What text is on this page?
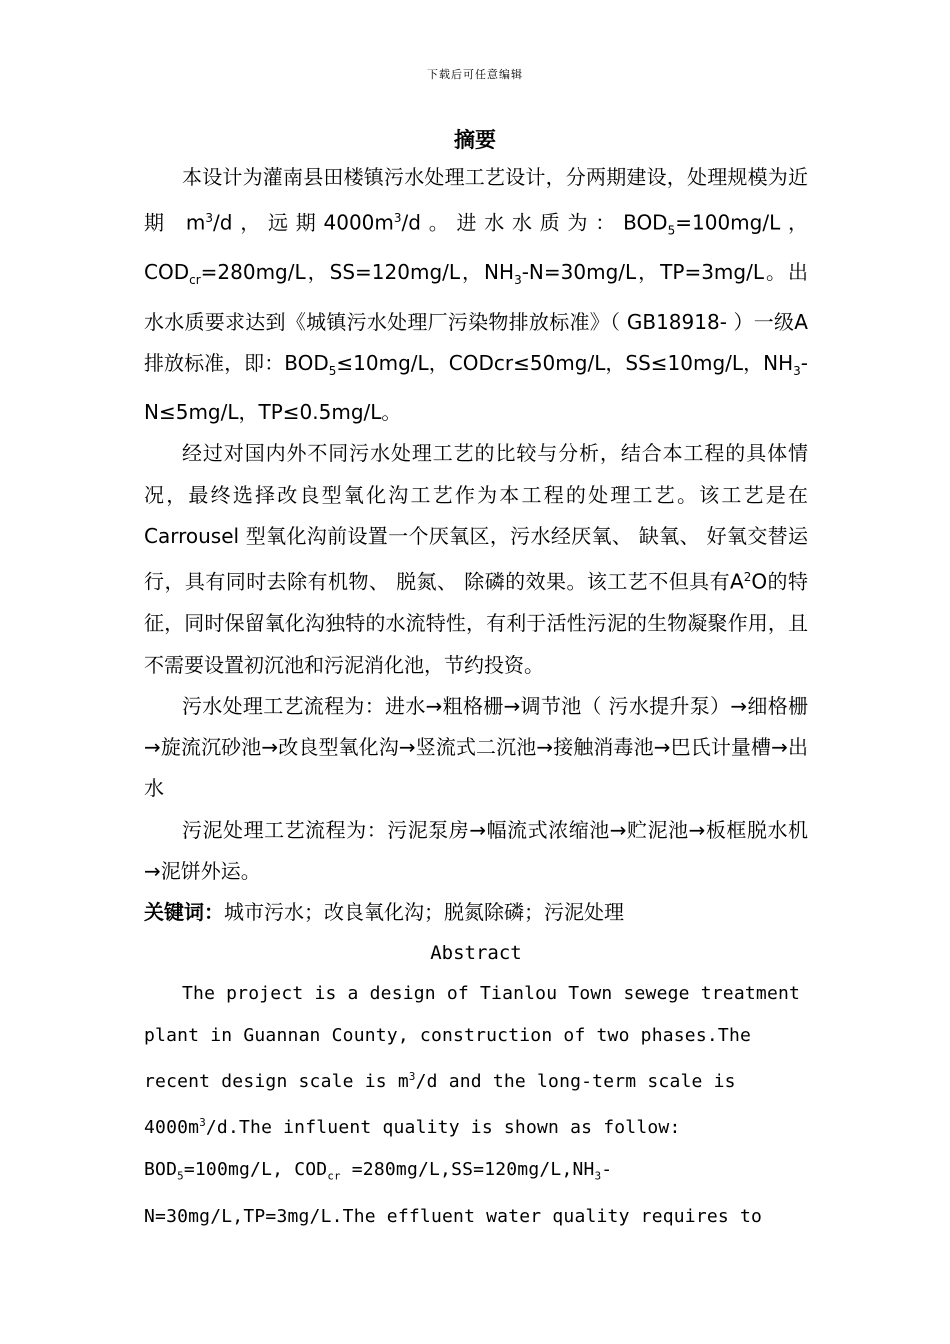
下载后可任意编辑
摘要

本设计为灌南县田楼镇污水处理工艺设计，分两期建设，处理规模为近期 $m^3/d$，远期$4000m^3/d$。进水水质为：$BOD_5=100mg/L$，$COD_{cr}=280mg/L$，SS=120mg/L，$NH_3-N=30mg/L$，TP=3mg/L。出水水质要求达到《城镇污水处理厂污染物排放标准》（ GB18918- ）一级A排放标准，即：$BOD_5\le 10mg/L$，CODcr≤50mg/L，SS≤10mg/L，$NH_3-N\le 5mg/L$，TP≤0.5mg/L。

经过对国内外不同污水处理工艺的比较与分析，结合本工程的具体情况，最终选择改良型氧化沟工艺作为本工程的处理工艺。该工艺是在Carrousel 型氧化沟前设置一个厌氧区，污水经厌氧、 缺氧、 好氧交替运行，具有同时去除有机物、 脱氮、 除磷的效果。该工艺不但具有$A^2O$的特征，同时保留氧化沟独特的水流特性，有利于活性污泥的生物凝聚作用，且不需要设置初沉池和污泥消化池，节约投资。

污水处理工艺流程为：进水→粗格栅→调节池（ 污水提升泵）→细格栅→旋流沉砂池→改良型氧化沟→竖流式二沉池→接触消毒池→巴氏计量槽→出水

污泥处理工艺流程为：污泥泵房→幅流式浓缩池→贮泥池→板框脱水机→泥饼外运。

关键词：城市污水；改良氧化沟；脱氮除磷；污泥处理

Abstract

The project is a design of Tianlou Town sewege treatment plant in Guannan County, construction of two phases.The recent design scale is $m^3/d$ and the long-term scale is $4000m^3/d.The$ influent quality is shown as follow: $BOD_5=100mg/L$, $COD_{cr} =280mg/L,SS=120mg/L,NH_3-N=30mg/L,TP=3mg/L.The$ effluent water quality requires to
